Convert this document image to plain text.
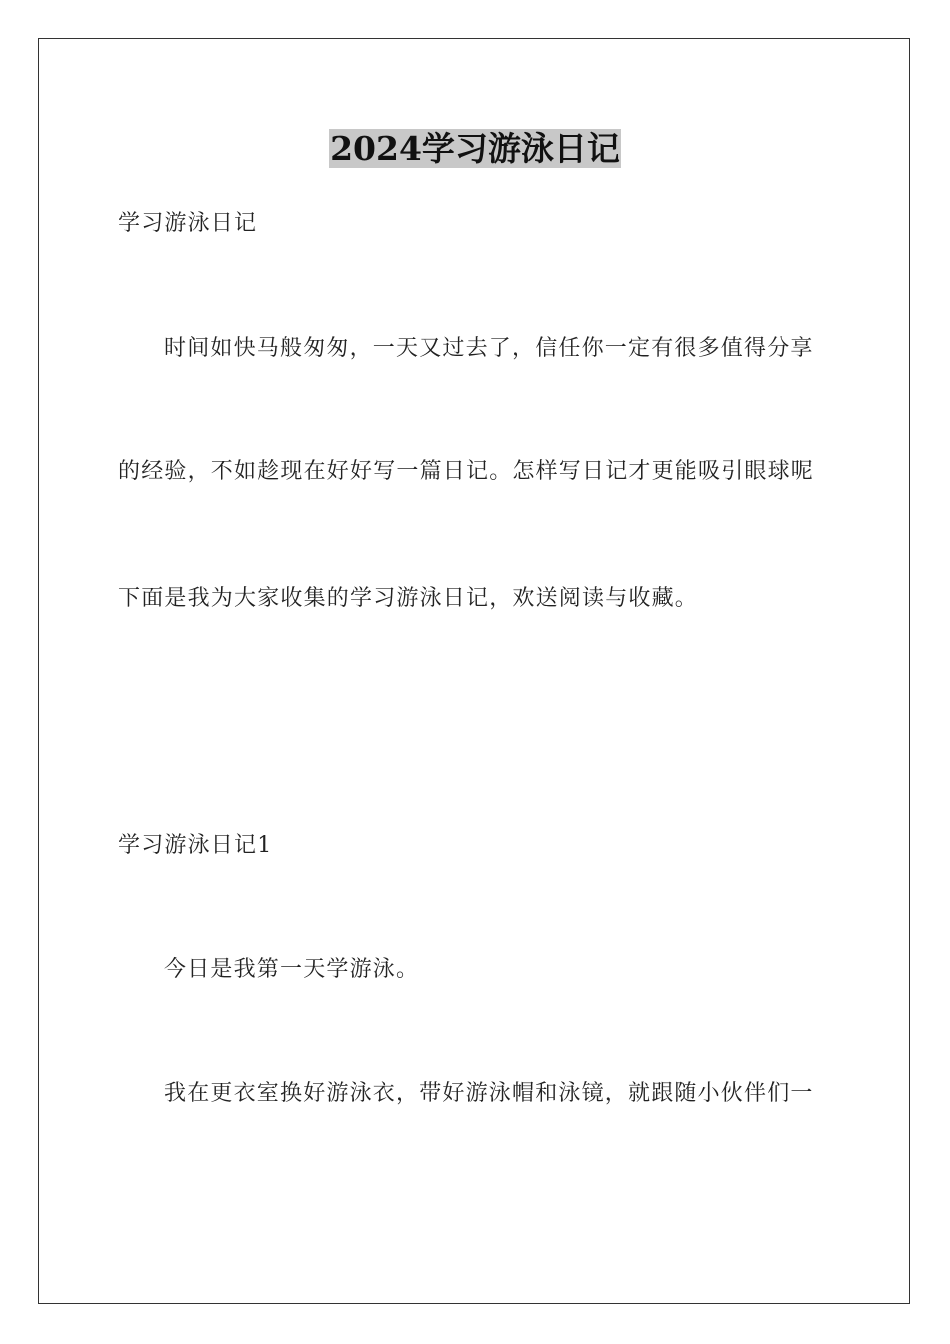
2024学习游泳日记

学习游泳日记

时间如快马般匆匆，一天又过去了，信任你一定有很多值得分享

的经验，不如趁现在好好写一篇日记。怎样写日记才更能吸引眼球呢

下面是我为大家收集的学习游泳日记，欢送阅读与收藏。

学习游泳日记1

今日是我第一天学游泳。

我在更衣室换好游泳衣，带好游泳帽和泳镜，就跟随小伙伴们一
